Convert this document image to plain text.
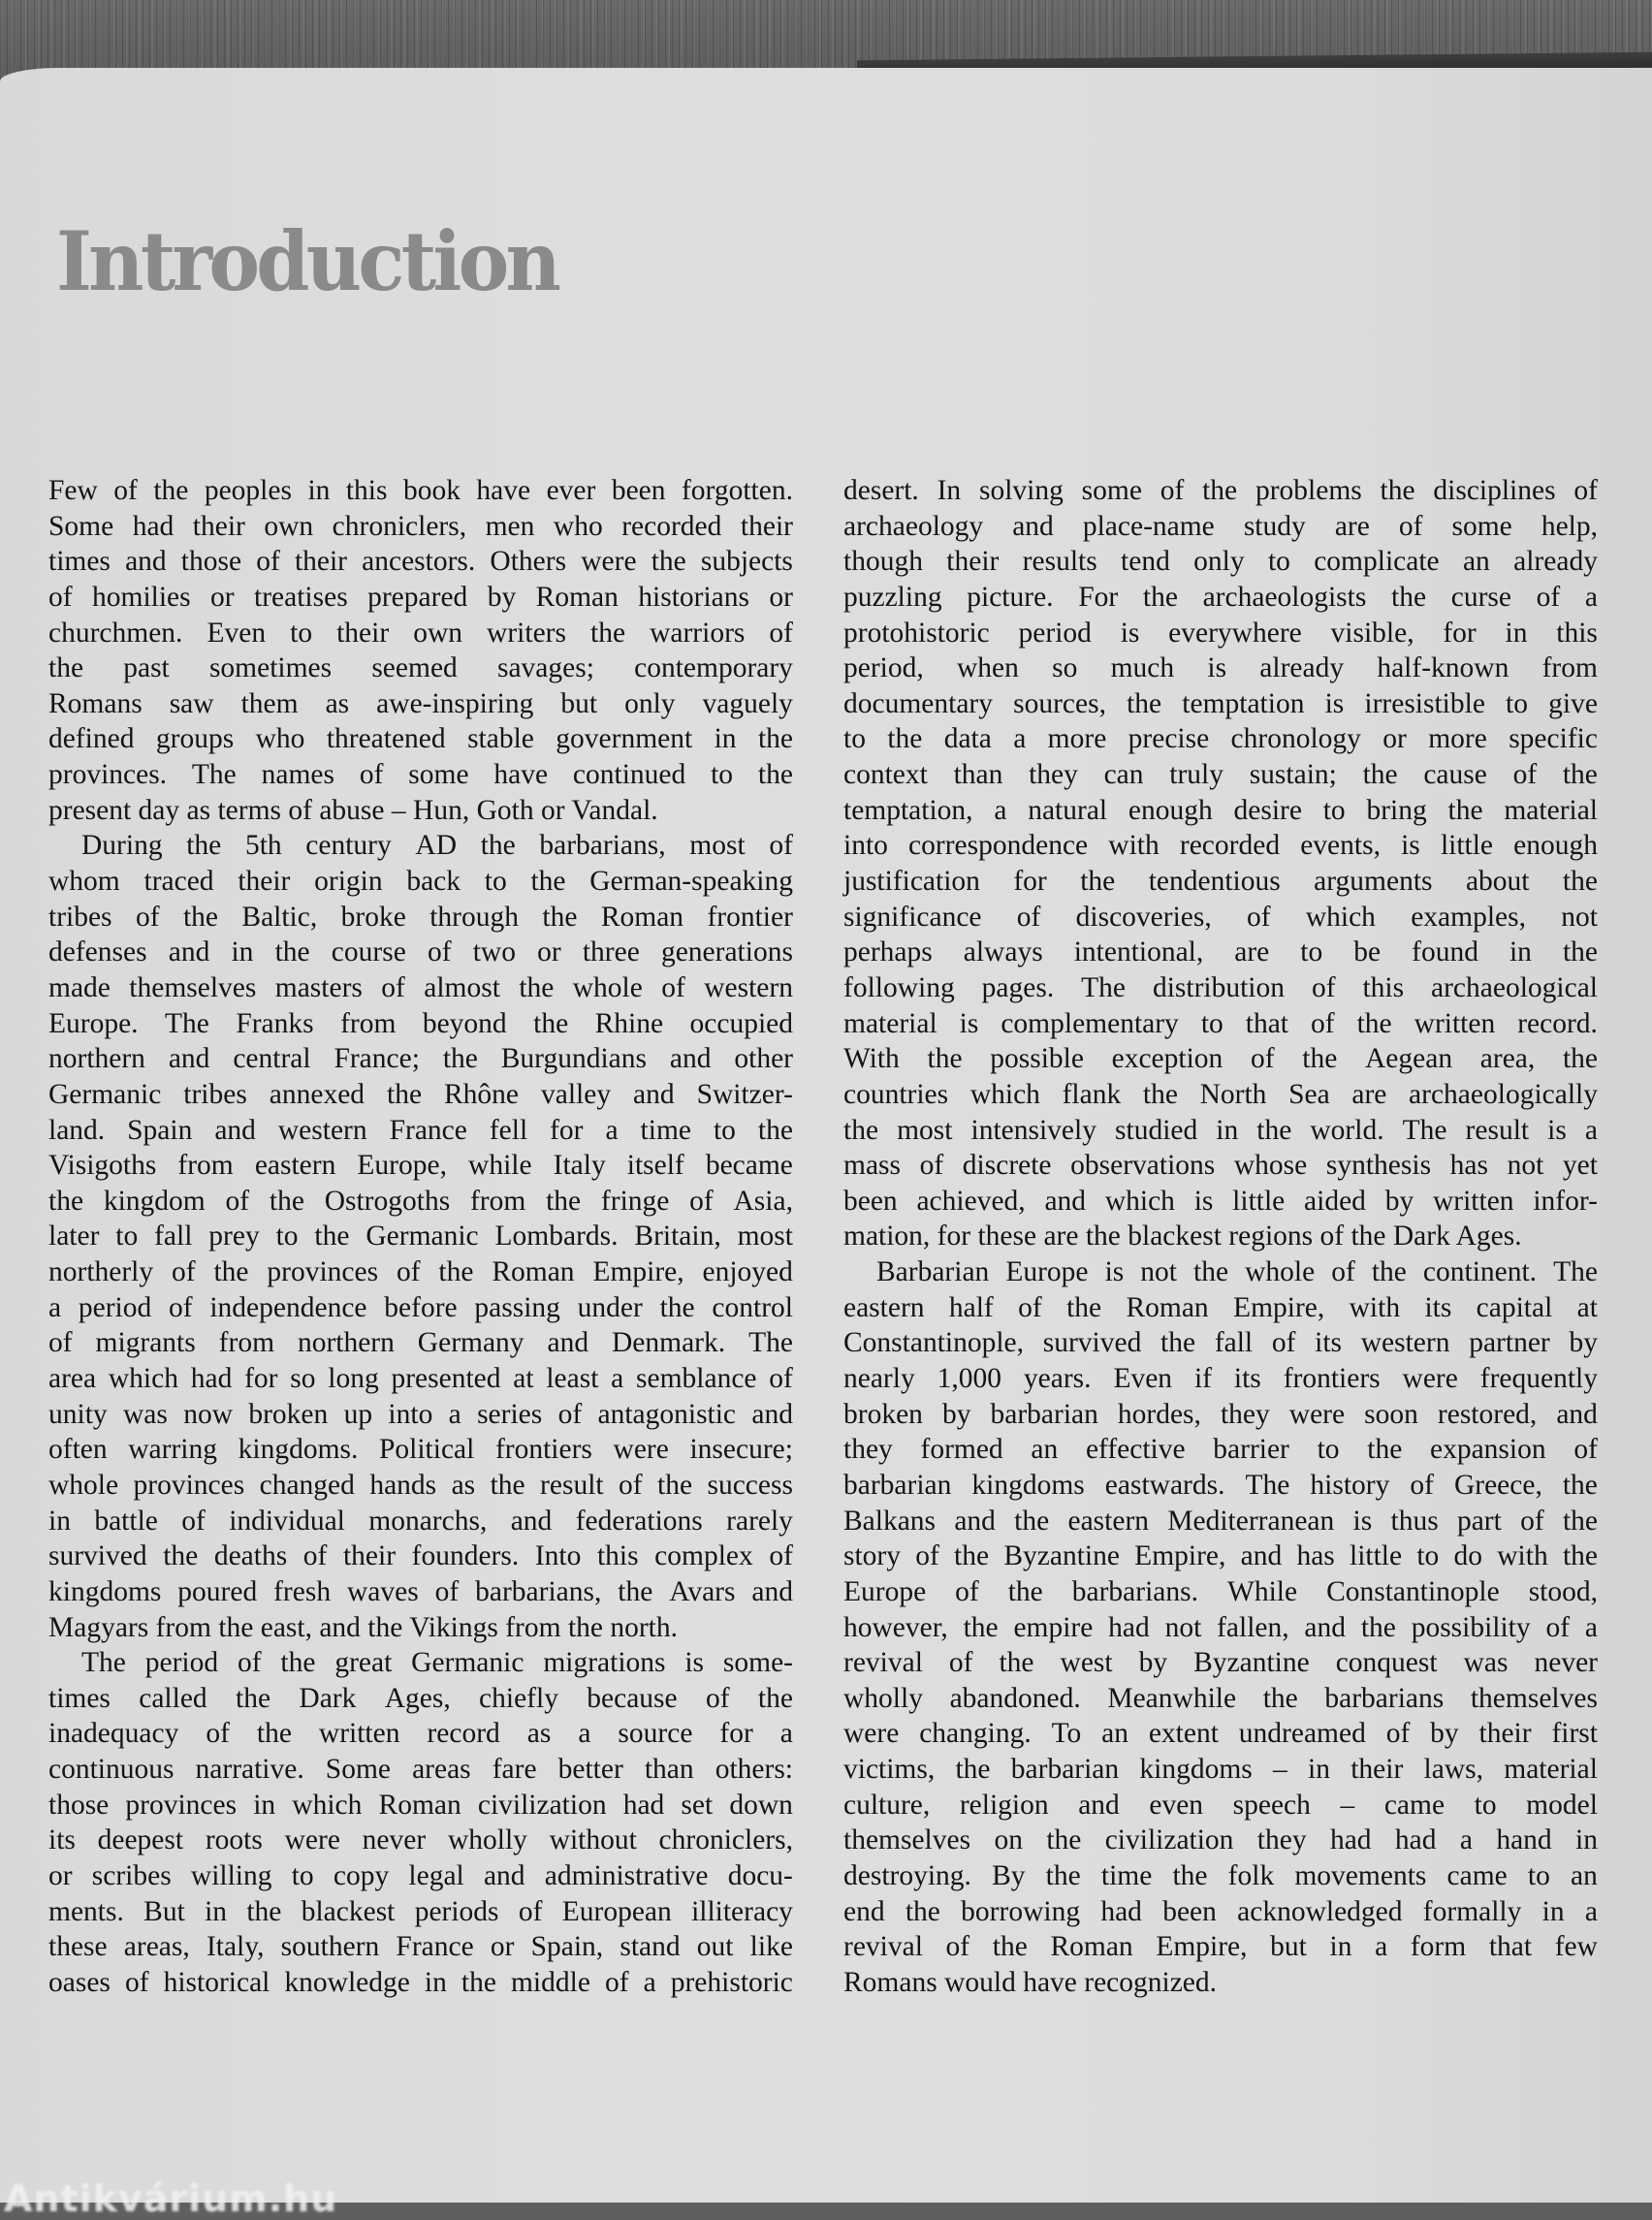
Introduction
Few of the peoples in this book have ever been forgotten.
Some had their own chroniclers, men who recorded their
times and those of their ancestors. Others were the subjects
of homilies or treatises prepared by Roman historians or
churchmen. Even to their own writers the warriors of
the past sometimes seemed savages; contemporary
Romans saw them as awe-inspiring but only vaguely
defined groups who threatened stable government in the
provinces. The names of some have continued to the
present day as terms of abuse – Hun, Goth or Vandal.
During the 5th century AD the barbarians, most of
whom traced their origin back to the German-speaking
tribes of the Baltic, broke through the Roman frontier
defenses and in the course of two or three generations
made themselves masters of almost the whole of western
Europe. The Franks from beyond the Rhine occupied
northern and central France; the Burgundians and other
Germanic tribes annexed the Rhône valley and Switzer-
land. Spain and western France fell for a time to the
Visigoths from eastern Europe, while Italy itself became
the kingdom of the Ostrogoths from the fringe of Asia,
later to fall prey to the Germanic Lombards. Britain, most
northerly of the provinces of the Roman Empire, enjoyed
a period of independence before passing under the control
of migrants from northern Germany and Denmark. The
area which had for so long presented at least a semblance of
unity was now broken up into a series of antagonistic and
often warring kingdoms. Political frontiers were insecure;
whole provinces changed hands as the result of the success
in battle of individual monarchs, and federations rarely
survived the deaths of their founders. Into this complex of
kingdoms poured fresh waves of barbarians, the Avars and
Magyars from the east, and the Vikings from the north.
The period of the great Germanic migrations is some-
times called the Dark Ages, chiefly because of the
inadequacy of the written record as a source for a
continuous narrative. Some areas fare better than others:
those provinces in which Roman civilization had set down
its deepest roots were never wholly without chroniclers,
or scribes willing to copy legal and administrative docu-
ments. But in the blackest periods of European illiteracy
these areas, Italy, southern France or Spain, stand out like
oases of historical knowledge in the middle of a prehistoric
desert. In solving some of the problems the disciplines of
archaeology and place-name study are of some help,
though their results tend only to complicate an already
puzzling picture. For the archaeologists the curse of a
protohistoric period is everywhere visible, for in this
period, when so much is already half-known from
documentary sources, the temptation is irresistible to give
to the data a more precise chronology or more specific
context than they can truly sustain; the cause of the
temptation, a natural enough desire to bring the material
into correspondence with recorded events, is little enough
justification for the tendentious arguments about the
significance of discoveries, of which examples, not
perhaps always intentional, are to be found in the
following pages. The distribution of this archaeological
material is complementary to that of the written record.
With the possible exception of the Aegean area, the
countries which flank the North Sea are archaeologically
the most intensively studied in the world. The result is a
mass of discrete observations whose synthesis has not yet
been achieved, and which is little aided by written infor-
mation, for these are the blackest regions of the Dark Ages.
Barbarian Europe is not the whole of the continent. The
eastern half of the Roman Empire, with its capital at
Constantinople, survived the fall of its western partner by
nearly 1,000 years. Even if its frontiers were frequently
broken by barbarian hordes, they were soon restored, and
they formed an effective barrier to the expansion of
barbarian kingdoms eastwards. The history of Greece, the
Balkans and the eastern Mediterranean is thus part of the
story of the Byzantine Empire, and has little to do with the
Europe of the barbarians. While Constantinople stood,
however, the empire had not fallen, and the possibility of a
revival of the west by Byzantine conquest was never
wholly abandoned. Meanwhile the barbarians themselves
were changing. To an extent undreamed of by their first
victims, the barbarian kingdoms – in their laws, material
culture, religion and even speech – came to model
themselves on the civilization they had had a hand in
destroying. By the time the folk movements came to an
end the borrowing had been acknowledged formally in a
revival of the Roman Empire, but in a form that few
Romans would have recognized.
Antikvárium.hu
